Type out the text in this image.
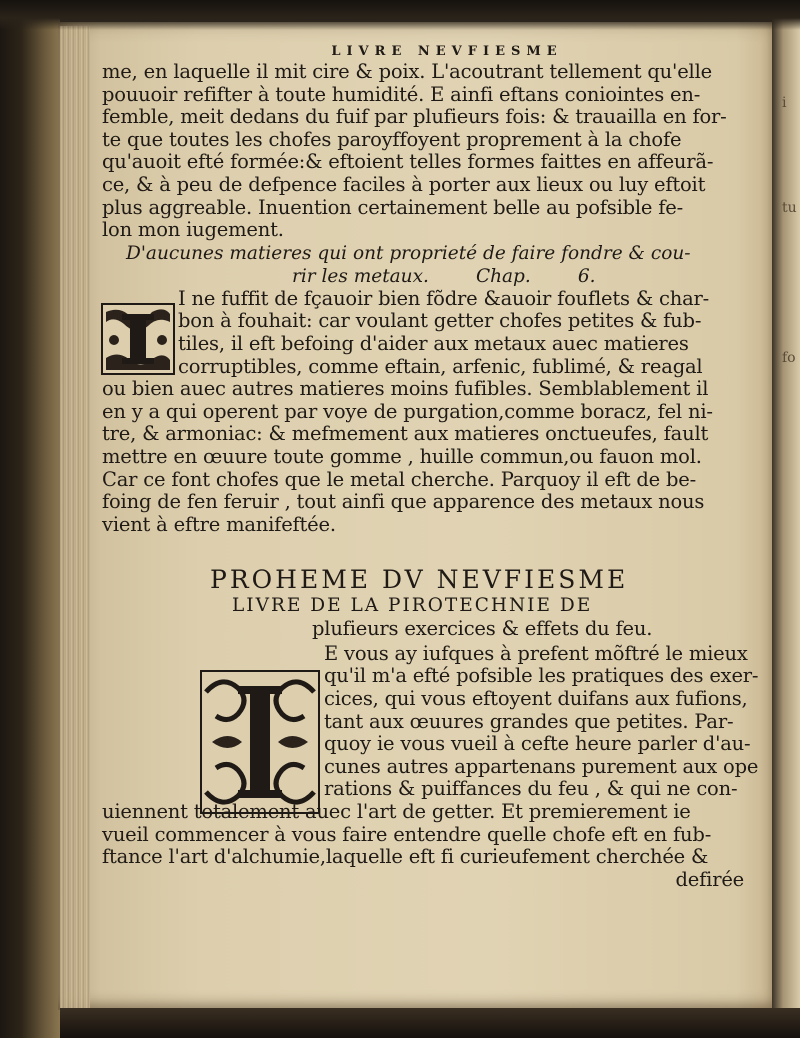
i
tu
fo
LIVRE NEVFIESME
me, en laquelle il mit cire & poix. L'acoutrant tellement qu'elle
pouuoir refifter à toute humidité. E ainfi eftans coniointes en-
femble, meit dedans du fuif par plufieurs fois: & trauailla en for-
te que toutes les chofes paroyffoyent proprement à la chofe
qu'auoit efté formée:& eftoient telles formes faittes en affeurã-
ce, & à peu de defpence faciles à porter aux lieux ou luy eftoit
plus aggreable. Inuention certainement belle au pofsible fe-
lon mon iugement.
D'aucunes matieres qui ont proprieté de faire fondre & cou-
rir les metaux.        Chap.        6.
I ne fuffit de fçauoir bien fõdre &auoir fouflets & char-
bon à fouhait: car voulant getter chofes petites & fub-
tiles, il eft befoing d'aider aux metaux auec matieres
corruptibles, comme eftain, arfenic, fublimé, & reagal
ou bien auec autres matieres moins fufibles. Semblablement il
en y a qui operent par voye de purgation,comme boracz, fel ni-
tre, & armoniac: & mefmement aux matieres onctueufes, fault
mettre en œuure toute gomme , huille commun,ou fauon mol.
Car ce font chofes que le metal cherche. Parquoy il eft de be-
foing de fen feruir , tout ainfi que apparence des metaux nous
vient à eftre manifeftée.
PROHEME DV NEVFIESME
LIVRE DE LA PIROTECHNIE DE
plufieurs exercices & effets du feu.
E vous ay iufques à prefent mõftré le mieux
qu'il m'a efté pofsible les pratiques des exer-
cices, qui vous eftoyent duifans aux fufions,
tant aux œuures grandes que petites. Par-
quoy ie vous vueil à cefte heure parler d'au-
cunes autres appartenans purement aux ope
rations & puiffances du feu , & qui ne con-
uiennent totalement auec l'art de getter. Et premierement ie
vueil commencer à vous faire entendre quelle chofe eft en fub-
ftance l'art d'alchumie,laquelle eft fi curieufement cherchée &
defirée
